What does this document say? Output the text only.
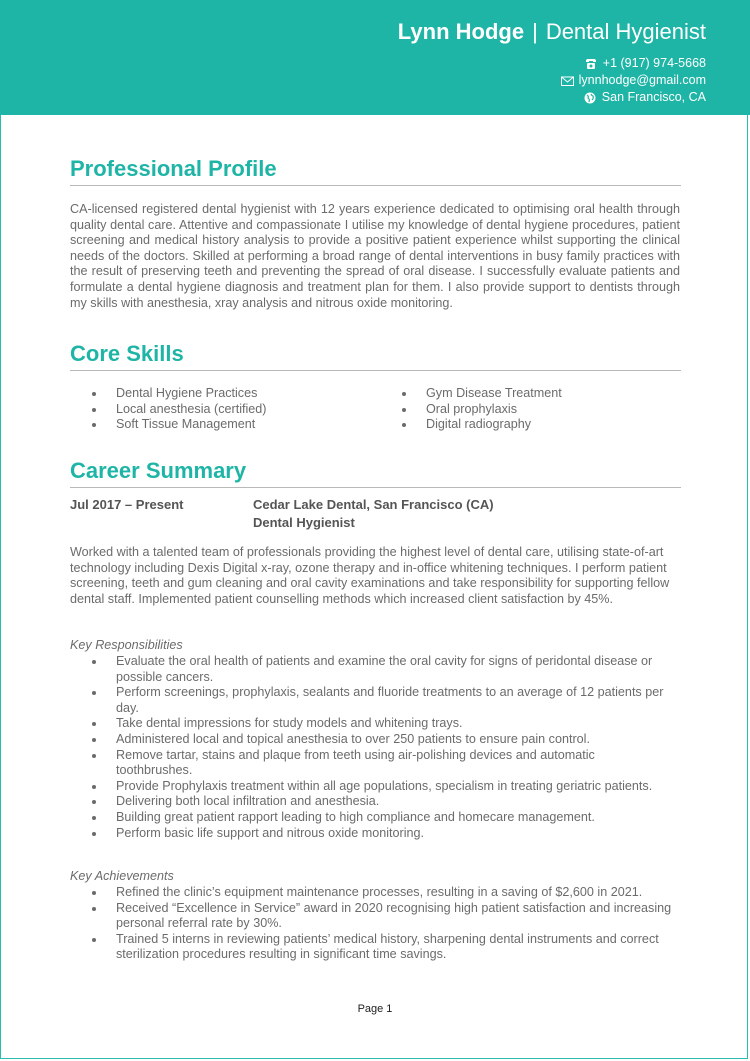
Lynn Hodge | Dental Hygienist
+1 (917) 974-5668
lynnhodge@gmail.com
San Francisco, CA
Professional Profile

CA-licensed registered dental hygienist with 12 years experience dedicated to optimising oral health through quality dental care. Attentive and compassionate I utilise my knowledge of dental hygiene procedures, patient screening and medical history analysis to provide a positive patient experience whilst supporting the clinical needs of the doctors. Skilled at performing a broad range of dental interventions in busy family practices with the result of preserving teeth and preventing the spread of oral disease. I successfully evaluate patients and formulate a dental hygiene diagnosis and treatment plan for them. I also provide support to dentists through my skills with anesthesia, xray analysis and nitrous oxide monitoring.

Core Skills
Dental Hygiene Practices
Local anesthesia (certified)
Soft Tissue Management
Gym Disease Treatment
Oral prophylaxis
Digital radiography
Career Summary
Jul 2017 – Present	Cedar Lake Dental, San Francisco (CA)
Dental Hygienist

Worked with a talented team of professionals providing the highest level of dental care, utilising state-of-art technology including Dexis Digital x-ray, ozone therapy and in-office whitening techniques. I perform patient screening, teeth and gum cleaning and oral cavity examinations and take responsibility for supporting fellow dental staff. Implemented patient counselling methods which increased client satisfaction by 45%.

Key Responsibilities

Evaluate the oral health of patients and examine the oral cavity for signs of peridontal disease or possible cancers.
Perform screenings, prophylaxis, sealants and fluoride treatments to an average of 12 patients per day.
Take dental impressions for study models and whitening trays.
Administered local and topical anesthesia to over 250 patients to ensure pain control.
Remove tartar, stains and plaque from teeth using air-polishing devices and automatic toothbrushes.
Provide Prophylaxis treatment within all age populations, specialism in treating geriatric patients.
Delivering both local infiltration and anesthesia.
Building great patient rapport leading to high compliance and homecare management.
Perform basic life support and nitrous oxide monitoring.

Key Achievements

Refined the clinic’s equipment maintenance processes, resulting in a saving of $2,600 in 2021.
Received “Excellence in Service” award in 2020 recognising high patient satisfaction and increasing personal referral rate by 30%.
Trained 5 interns in reviewing patients’ medical history, sharpening dental instruments and correct sterilization procedures resulting in significant time savings.
Page 1
